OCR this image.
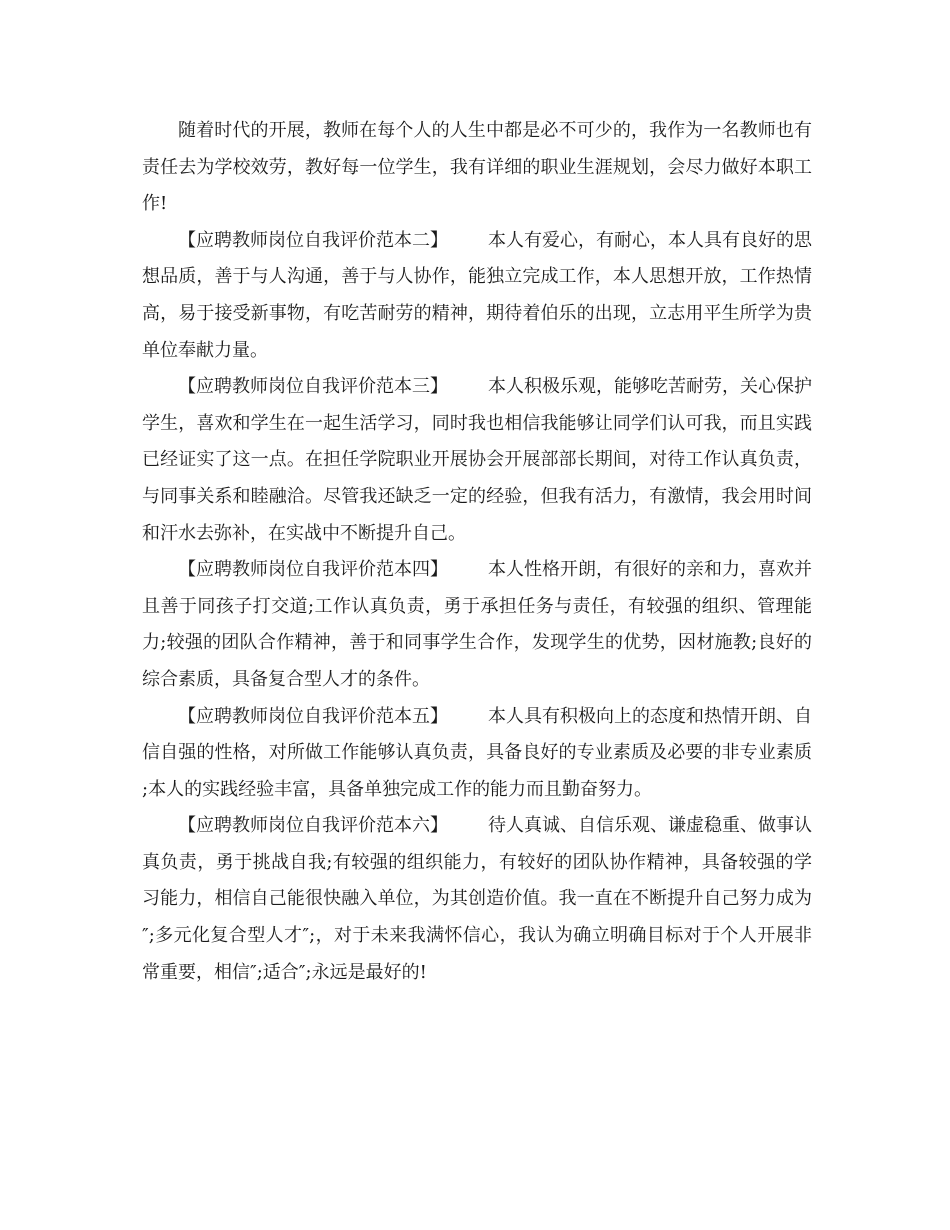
随着时代的开展，教师在每个人的人生中都是必不可少的，我作为一名教师也有责任去为学校效劳，教好每一位学生，我有详细的职业生涯规划，会尽力做好本职工作!

【应聘教师岗位自我评价范本二】 本人有爱心，有耐心，本人具有良好的思想品质，善于与人沟通，善于与人协作，能独立完成工作，本人思想开放，工作热情高，易于接受新事物，有吃苦耐劳的精神，期待着伯乐的出现，立志用平生所学为贵单位奉献力量。

【应聘教师岗位自我评价范本三】 本人积极乐观，能够吃苦耐劳，关心保护学生，喜欢和学生在一起生活学习，同时我也相信我能够让同学们认可我，而且实践已经证实了这一点。在担任学院职业开展协会开展部部长期间，对待工作认真负责，与同事关系和睦融洽。尽管我还缺乏一定的经验，但我有活力，有激情，我会用时间和汗水去弥补，在实战中不断提升自己。

【应聘教师岗位自我评价范本四】 本人性格开朗，有很好的亲和力，喜欢并且善于同孩子打交道;工作认真负责，勇于承担任务与责任，有较强的组织、管理能力;较强的团队合作精神，善于和同事学生合作，发现学生的优势，因材施教;良好的综合素质，具备复合型人才的条件。

【应聘教师岗位自我评价范本五】 本人具有积极向上的态度和热情开朗、自信自强的性格，对所做工作能够认真负责，具备良好的专业素质及必要的非专业素质;本人的实践经验丰富，具备单独完成工作的能力而且勤奋努力。

【应聘教师岗位自我评价范本六】 待人真诚、自信乐观、谦虚稳重、做事认真负责，勇于挑战自我;有较强的组织能力，有较好的团队协作精神，具备较强的学习能力，相信自己能很快融入单位，为其创造价值。我一直在不断提升自己努力成为″;多元化复合型人才″;，对于未来我满怀信心，我认为确立明确目标对于个人开展非常重要，相信″;适合″;永远是最好的!
